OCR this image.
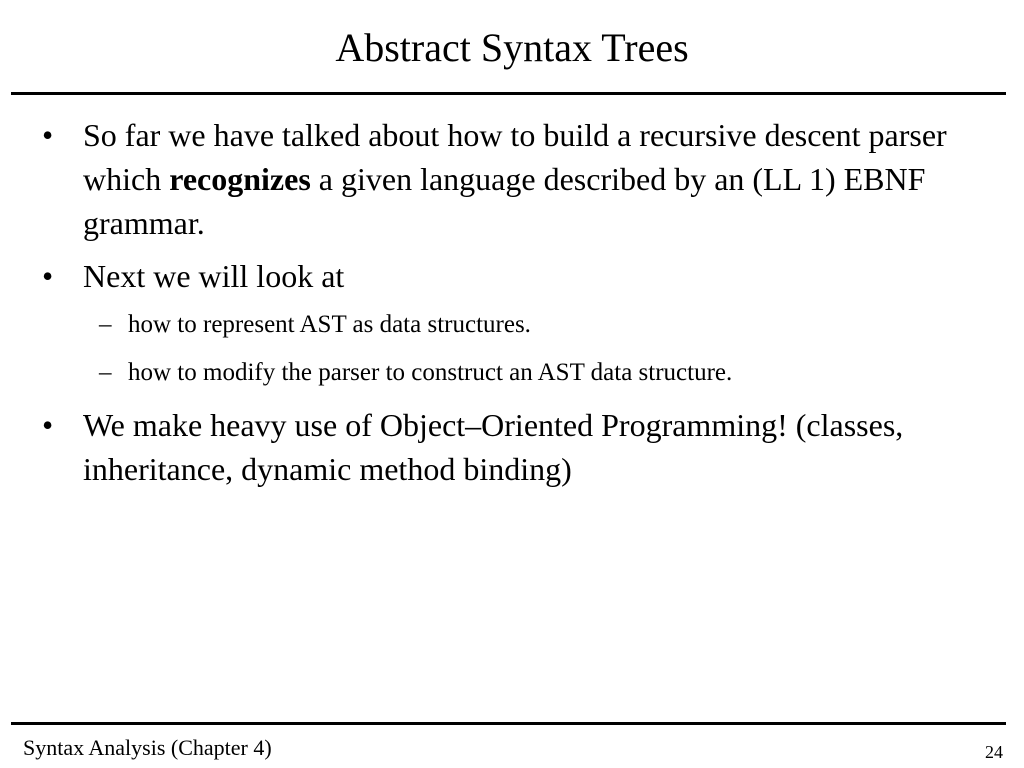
Abstract Syntax Trees

• So far we have talked about how to build a recursive descent parser which recognizes a given language described by an (LL 1) EBNF grammar.

• Next we will look at

– how to represent AST as data structures.

– how to modify the parser to construct an AST data structure.

• We make heavy use of Object–Oriented Programming! (classes, inheritance, dynamic method binding)

Syntax Analysis (Chapter 4)	24
